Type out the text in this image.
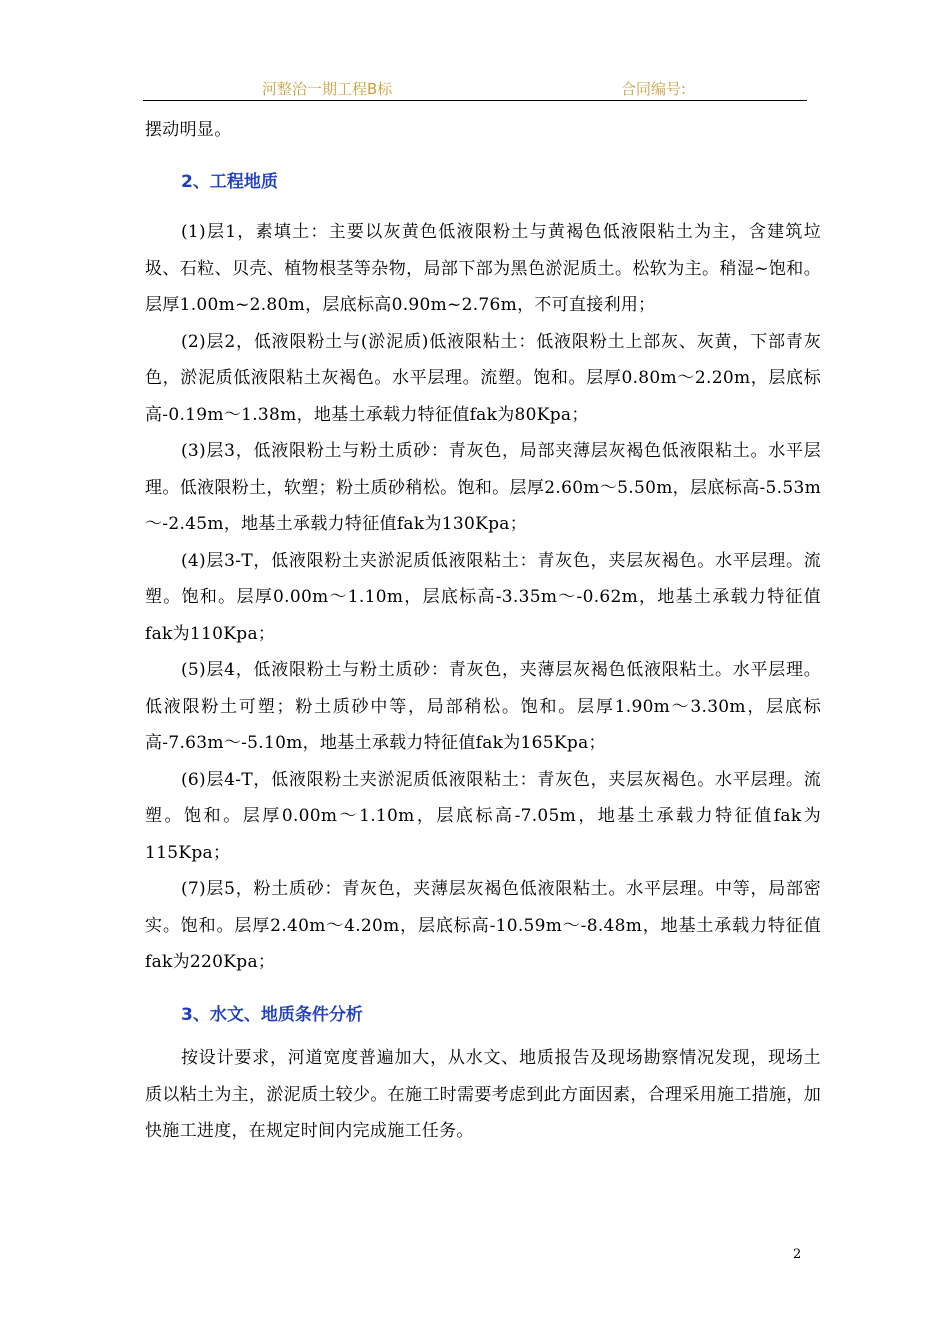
河整治一期工程B标	合同编号:

摆动明显。

2、工程地质

(1)层1，素填土：主要以灰黄色低液限粉土与黄褐色低液限粘土为主，含建筑垃圾、石粒、贝壳、植物根茎等杂物，局部下部为黑色淤泥质土。松软为主。稍湿~饱和。层厚1.00m~2.80m，层底标高0.90m~2.76m，不可直接利用；

(2)层2，低液限粉土与(淤泥质)低液限粘土：低液限粉土上部灰、灰黄，下部青灰色，淤泥质低液限粘土灰褐色。水平层理。流塑。饱和。层厚0.80m～2.20m，层底标高-0.19m～1.38m，地基土承载力特征值fak为80Kpa；

(3)层3，低液限粉土与粉土质砂：青灰色，局部夹薄层灰褐色低液限粘土。水平层理。低液限粉土，软塑；粉土质砂稍松。饱和。层厚2.60m～5.50m，层底标高-5.53m～-2.45m，地基土承载力特征值fak为130Kpa；

(4)层3-T，低液限粉土夹淤泥质低液限粘土：青灰色，夹层灰褐色。水平层理。流塑。饱和。层厚0.00m～1.10m，层底标高-3.35m～-0.62m，地基土承载力特征值fak为110Kpa；

(5)层4，低液限粉土与粉土质砂：青灰色，夹薄层灰褐色低液限粘土。水平层理。低液限粉土可塑；粉土质砂中等，局部稍松。饱和。层厚1.90m～3.30m，层底标高-7.63m～-5.10m，地基土承载力特征值fak为165Kpa；

(6)层4-T，低液限粉土夹淤泥质低液限粘土：青灰色，夹层灰褐色。水平层理。流塑。饱和。层厚0.00m～1.10m，层底标高-7.05m，地基土承载力特征值fak为115Kpa；

(7)层5，粉土质砂：青灰色，夹薄层灰褐色低液限粘土。水平层理。中等，局部密实。饱和。层厚2.40m～4.20m，层底标高-10.59m～-8.48m，地基土承载力特征值fak为220Kpa；

3、水文、地质条件分析

按设计要求，河道宽度普遍加大，从水文、地质报告及现场勘察情况发现，现场土质以粘土为主，淤泥质土较少。在施工时需要考虑到此方面因素，合理采用施工措施，加快施工进度，在规定时间内完成施工任务。

2
